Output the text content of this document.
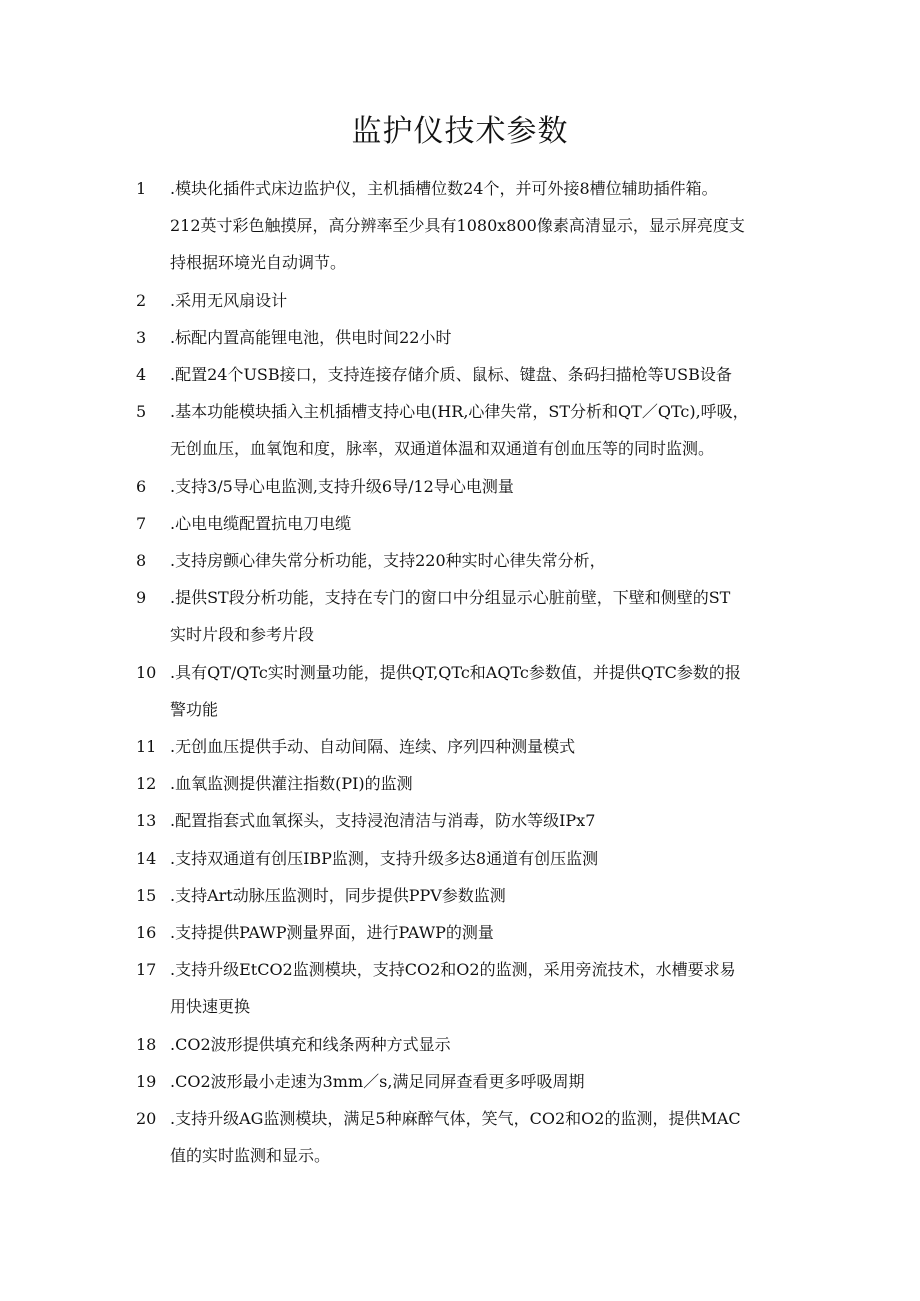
监护仪技术参数
1 .模块化插件式床边监护仪，主机插槽位数24个，并可外接8槽位辅助插件箱。
212英寸彩色触摸屏，高分辨率至少具有1080x800像素高清显示，显示屏亮度支
持根据环境光自动调节。
2 .采用无风扇设计
3 .标配内置高能锂电池，供电时间22小时
4 .配置24个USB接口，支持连接存储介质、鼠标、键盘、条码扫描枪等USB设备
5 .基本功能模块插入主机插槽支持心电(HR,心律失常，ST分析和QT／QTc),呼吸，
无创血压，血氧饱和度，脉率，双通道体温和双通道有创血压等的同时监测。
6 .支持3/5导心电监测,支持升级6导/12导心电测量
7 .心电电缆配置抗电刀电缆
8 .支持房颤心律失常分析功能，支持220种实时心律失常分析，
9 .提供ST段分析功能，支持在专门的窗口中分组显示心脏前壁，下壁和侧壁的ST
实时片段和参考片段
10 .具有QT/QTc实时测量功能，提供QT,QTc和AQTc参数值，并提供QTC参数的报
警功能
11 .无创血压提供手动、自动间隔、连续、序列四种测量模式
12 .血氧监测提供灌注指数(PI)的监测
13 .配置指套式血氧探头，支持浸泡清洁与消毒，防水等级IPx7
14 .支持双通道有创压IBP监测，支持升级多达8通道有创压监测
15 .支持Art动脉压监测时，同步提供PPV参数监测
16 .支持提供PAWP测量界面，进行PAWP的测量
17 .支持升级EtCO2监测模块，支持CO2和O2的监测，采用旁流技术，水槽要求易
用快速更换
18 .CO2波形提供填充和线条两种方式显示
19 .CO2波形最小走速为3mm／s,满足同屏查看更多呼吸周期
20 .支持升级AG监测模块，满足5种麻醉气体，笑气，CO2和O2的监测，提供MAC
值的实时监测和显示。
